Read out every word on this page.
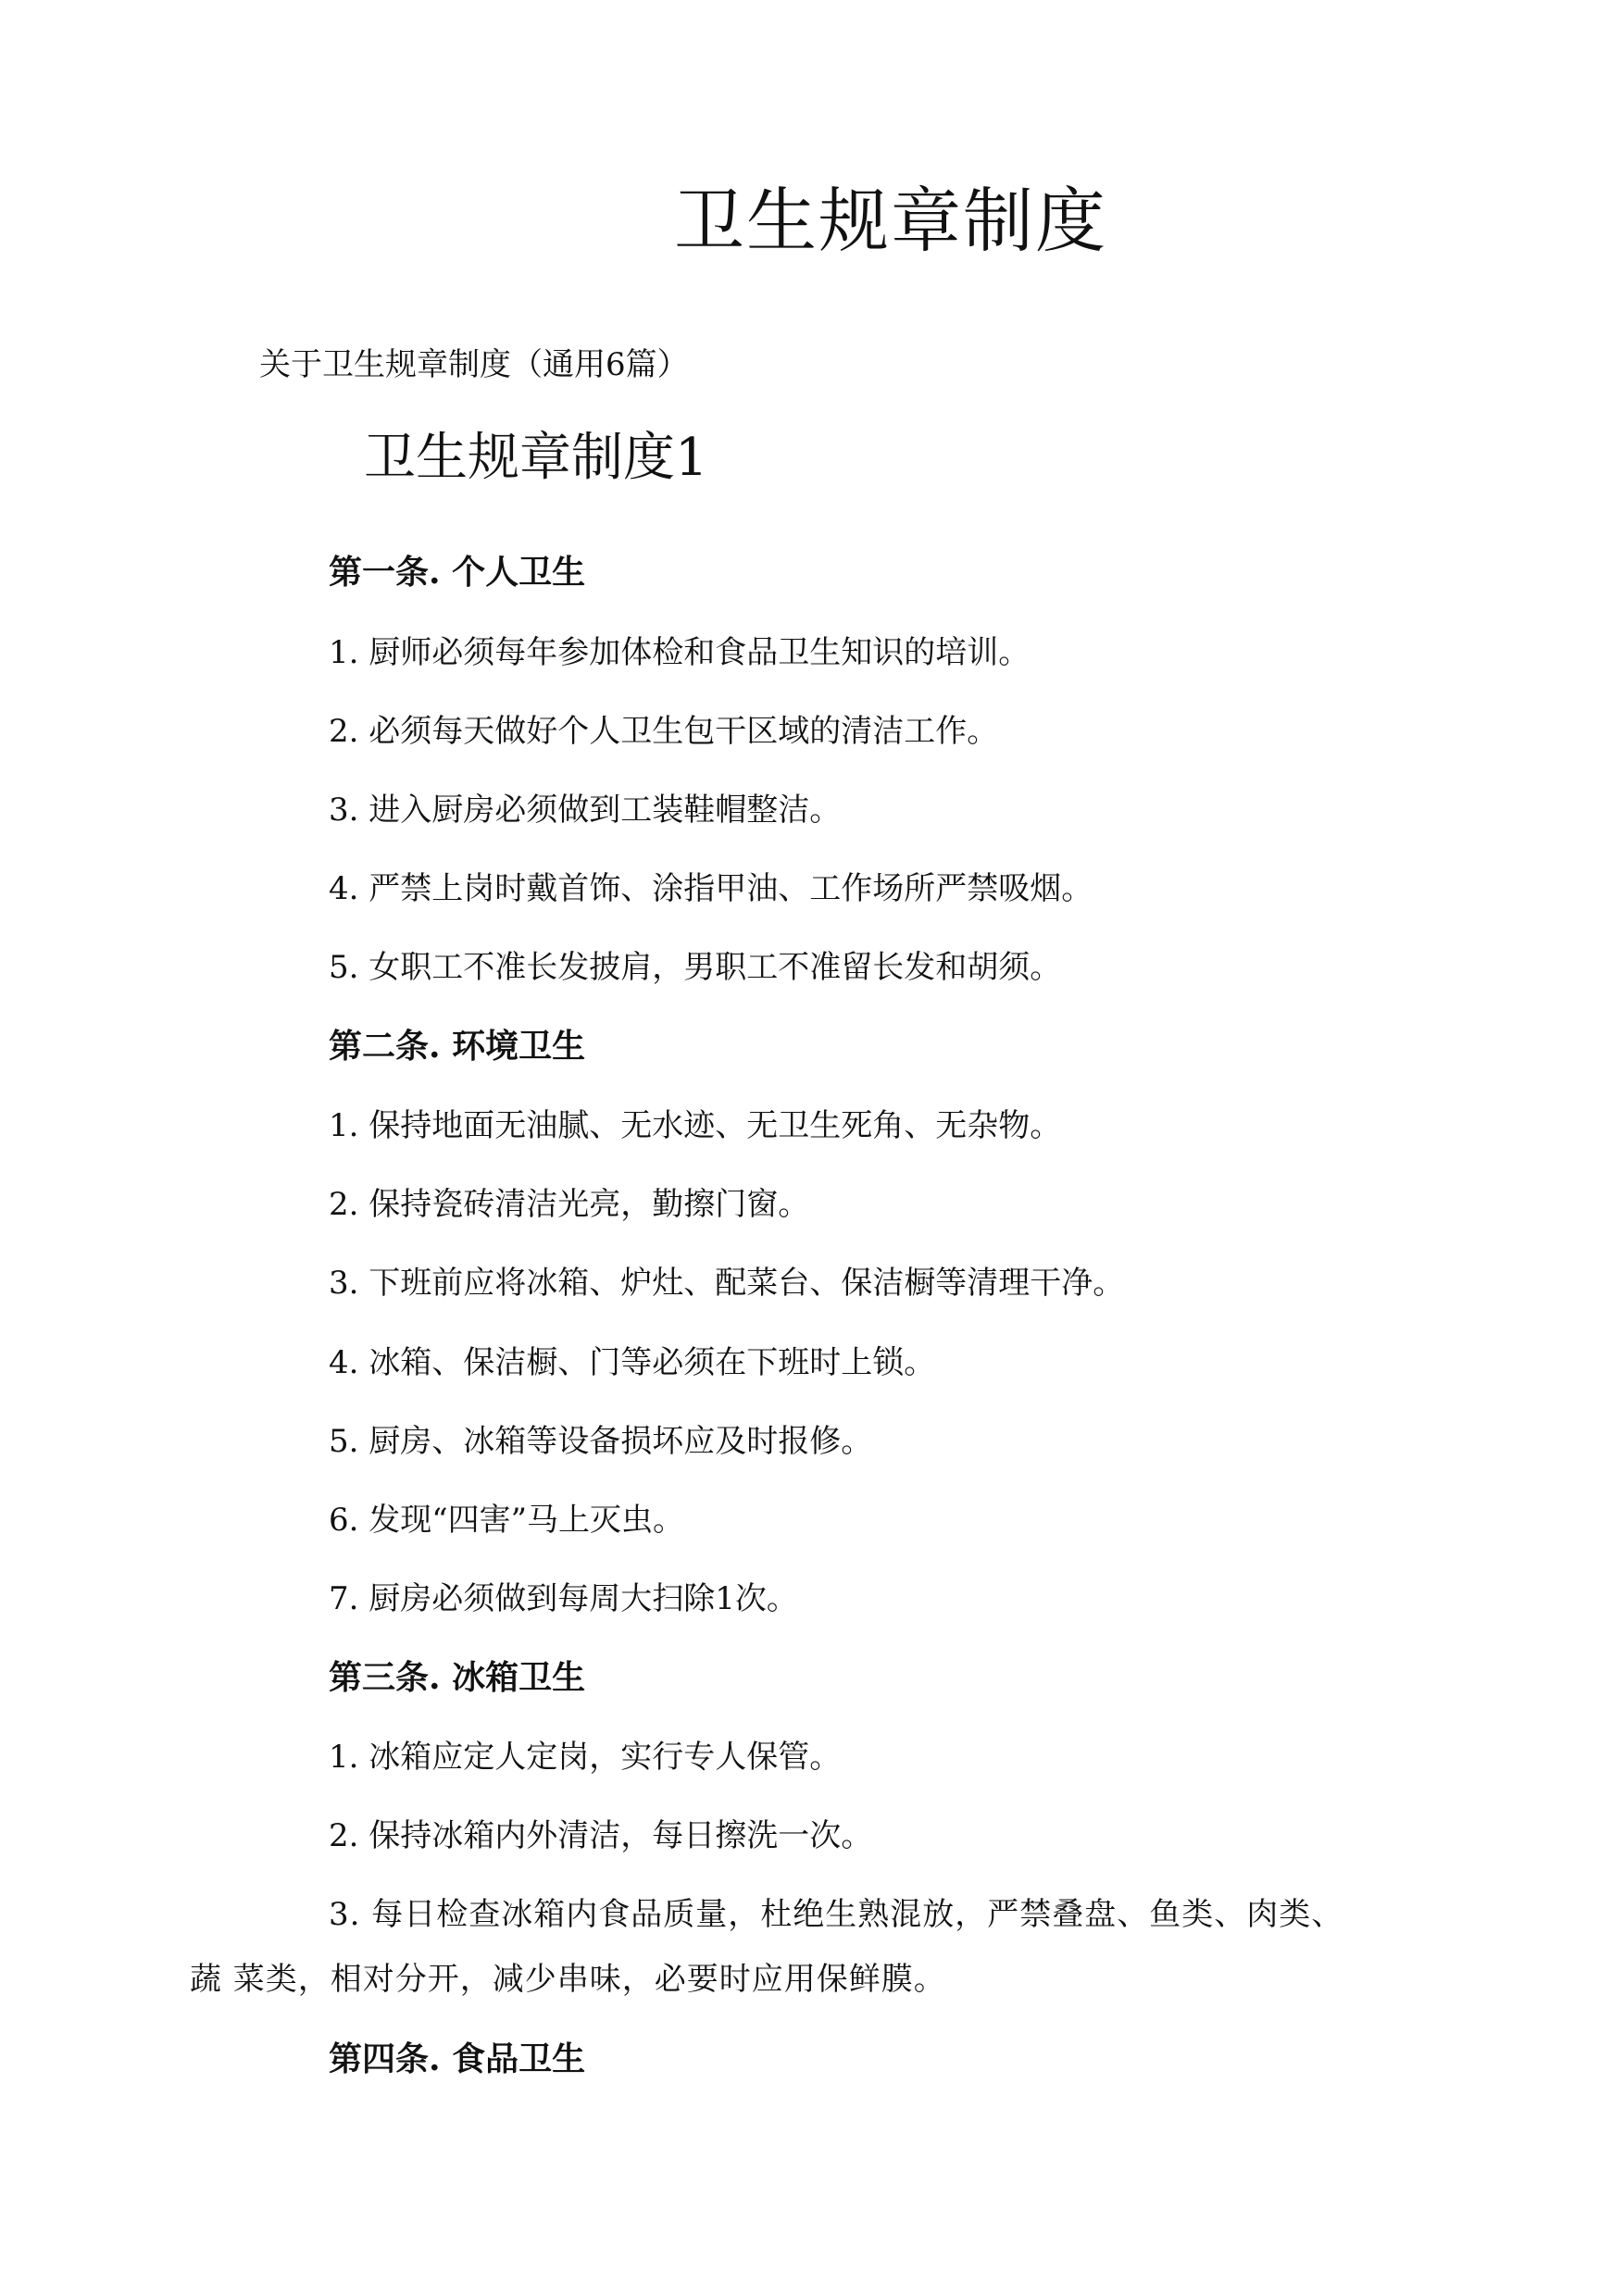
卫生规章制度
关于卫生规章制度（通用6篇）
卫生规章制度1
第一条. 个人卫生
1. 厨师必须每年参加体检和食品卫生知识的培训。
2. 必须每天做好个人卫生包干区域的清洁工作。
3. 进入厨房必须做到工装鞋帽整洁。
4. 严禁上岗时戴首饰、涂指甲油、工作场所严禁吸烟。
5. 女职工不准长发披肩，男职工不准留长发和胡须。
第二条. 环境卫生
1. 保持地面无油腻、无水迹、无卫生死角、无杂物。
2. 保持瓷砖清洁光亮，勤擦门窗。
3. 下班前应将冰箱、炉灶、配菜台、保洁橱等清理干净。
4. 冰箱、保洁橱、门等必须在下班时上锁。
5. 厨房、冰箱等设备损坏应及时报修。
6. 发现“四害”马上灭虫。
7. 厨房必须做到每周大扫除1次。
第三条. 冰箱卫生
1. 冰箱应定人定岗，实行专人保管。
2. 保持冰箱内外清洁，每日擦洗一次。
3. 每日检查冰箱内食品质量，杜绝生熟混放，严禁叠盘、鱼类、肉类、
蔬 菜类，相对分开，减少串味，必要时应用保鲜膜。
第四条. 食品卫生
